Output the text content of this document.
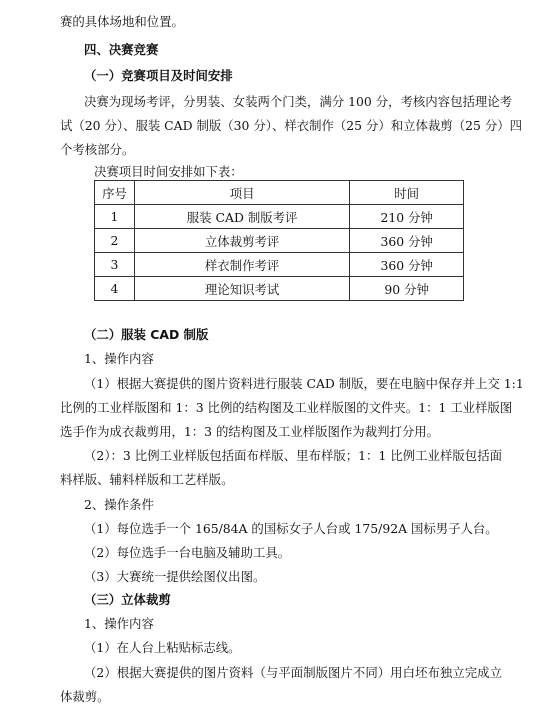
赛的具体场地和位置。
四、决赛竞赛
（一）竞赛项目及时间安排
决赛为现场考评，分男装、女装两个门类，满分 100 分，考核内容包括理论考
试（20 分）、服装 CAD 制版（30 分）、样衣制作（25 分）和立体裁剪（25 分）四
个考核部分。
决赛项目时间安排如下表：
序号	项目	时间
1	服装 CAD 制版考评	210 分钟
2	立体裁剪考评	360 分钟
3	样衣制作考评	360 分钟
4	理论知识考试	90 分钟
（二）服装 CAD 制版
1、操作内容
（1）根据大赛提供的图片资料进行服装 CAD 制版，要在电脑中保存并上交 1:1
比例的工业样版图和 1：3 比例的结构图及工业样版图的文件夹。1：1 工业样版图
选手作为成衣裁剪用，1：3 的结构图及工业样版图作为裁判打分用。
（2）：3 比例工业样版包括面布样版、里布样版；1：1 比例工业样版包括面
料样版、辅料样版和工艺样版。
2、操作条件
（1）每位选手一个 165/84A 的国标女子人台或 175/92A 国标男子人台。
（2）每位选手一台电脑及辅助工具。
（3）大赛统一提供绘图仪出图。
（三）立体裁剪
1、操作内容
（1）在人台上粘贴标志线。
（2）根据大赛提供的图片资料（与平面制版图片不同）用白坯布独立完成立
体裁剪。
